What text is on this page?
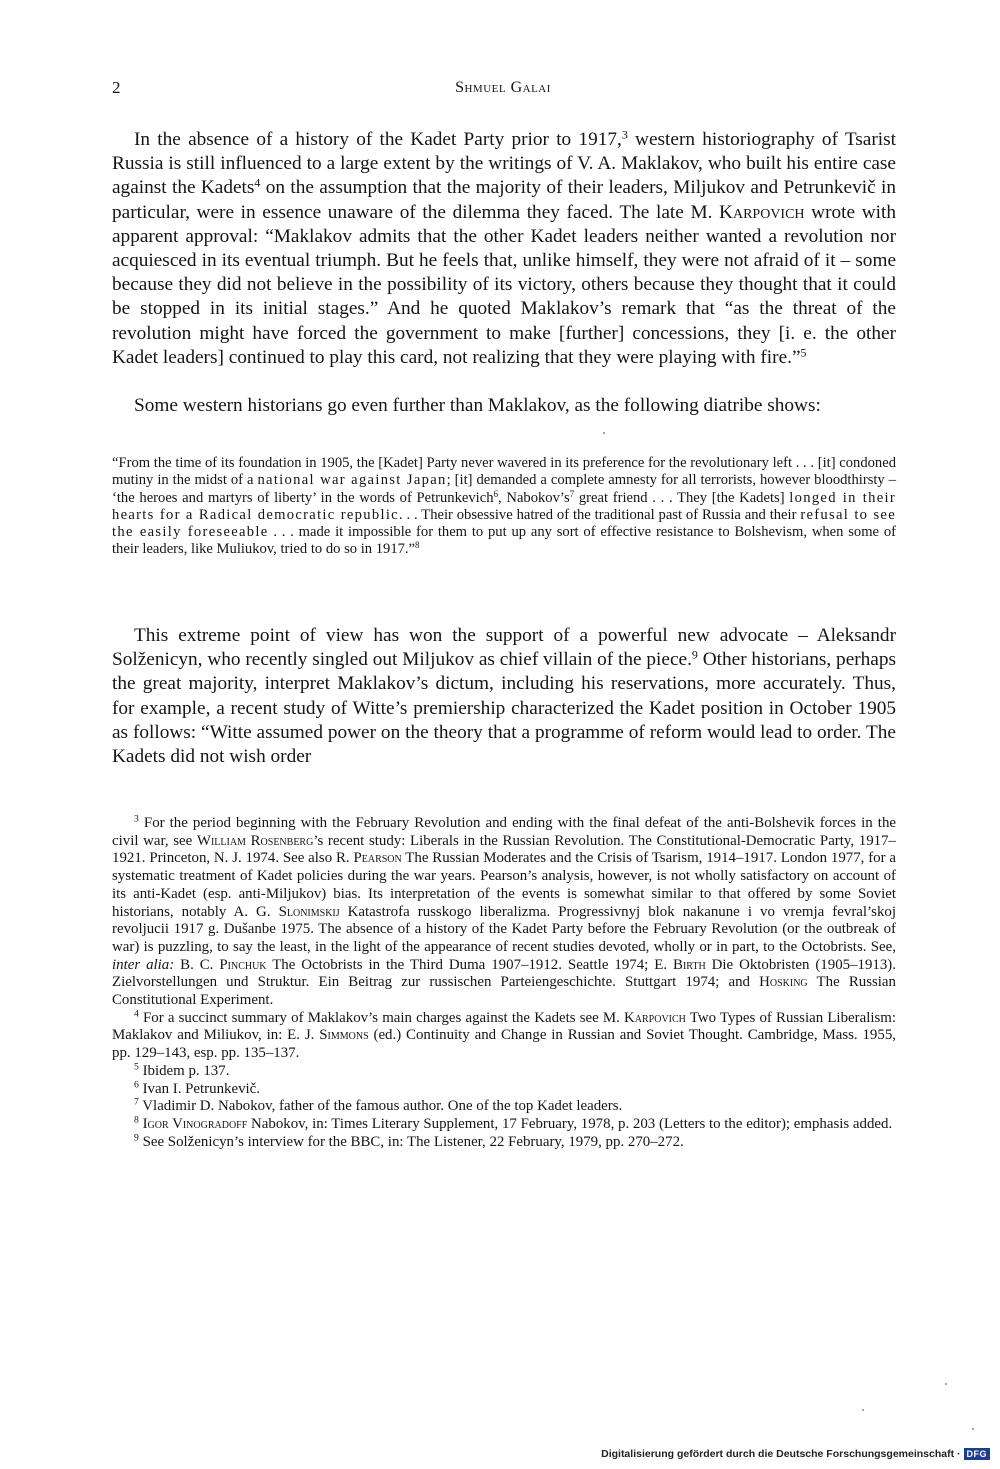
2	Shmuel Galai

In the absence of a history of the Kadet Party prior to 1917,$^3$ western historiography of Tsarist Russia is still influenced to a large extent by the writings of V. A. Maklakov, who built his entire case against the Kadets$^4$ on the assumption that the majority of their leaders, Miljukov and Petrunkevič in particular, were in essence unaware of the dilemma they faced. The late M. Karpovich wrote with apparent approval: “Maklakov admits that the other Kadet leaders neither wanted a revolution nor acquiesced in its eventual triumph. But he feels that, unlike himself, they were not afraid of it – some because they did not believe in the possibility of its victory, others because they thought that it could be stopped in its initial stages.” And he quoted Maklakov’s remark that “as the threat of the revolution might have forced the government to make [further] concessions, they [i. e. the other Kadet leaders] continued to play this card, not realizing that they were playing with fire.”$^5$

Some western historians go even further than Maklakov, as the following diatribe shows:

“From the time of its foundation in 1905, the [Kadet] Party never wavered in its preference for the revolutionary left . . . [it] condoned mutiny in the midst of a national war against Japan; [it] demanded a complete amnesty for all terrorists, however bloodthirsty – ‘the heroes and martyrs of liberty’ in the words of Petrunkevich$^6$, $Nabokov’s^7$ great friend . . . They [the Kadets] longed in their hearts for a Radical democratic republic. . . Their obsessive hatred of the traditional past of Russia and their refusal to see the easily foreseeable . . . made it impossible for them to put up any sort of effective resistance to Bolshevism, when some of their leaders, like Muliukov, tried to do so in 1917.”$^8$

This extreme point of view has won the support of a powerful new advocate – Aleksandr Solženicyn, who recently singled out Miljukov as chief villain of the piece.$^9$ Other historians, perhaps the great majority, interpret Maklakov’s dictum, including his reservations, more accurately. Thus, for example, a recent study of Witte’s premiership characterized the Kadet position in October 1905 as follows: “Witte assumed power on the theory that a programme of reform would lead to order. The Kadets did not wish order

$^3$ For the period beginning with the February Revolution and ending with the final defeat of the anti-Bolshevik forces in the civil war, see William Rosenberg’s recent study: Liberals in the Russian Revolution. The Constitutional-Democratic Party, 1917–1921. Princeton, N. J. 1974. See also R. Pearson The Russian Moderates and the Crisis of Tsarism, 1914–1917. London 1977, for a systematic treatment of Kadet policies during the war years. Pearson’s analysis, however, is not wholly satisfactory on account of its anti-Kadet (esp. anti-Miljukov) bias. Its interpretation of the events is somewhat similar to that offered by some Soviet historians, notably A. G. Slonimskij Katastrofa russkogo liberalizma. Progressivnyj blok nakanune i vo vremja fevral’skoj revoljucii 1917 g. Dušanbe 1975. The absence of a history of the Kadet Party before the February Revolution (or the outbreak of war) is puzzling, to say the least, in the light of the appearance of recent studies devoted, wholly or in part, to the Octobrists. See, inter alia: B. C. Pinchuk The Octobrists in the Third Duma 1907–1912. Seattle 1974; E. Birth Die Oktobristen (1905–1913). Zielvorstellungen und Struktur. Ein Beitrag zur russischen Parteiengeschichte. Stuttgart 1974; and Hosking The Russian Constitutional Experiment.

$^4$ For a succinct summary of Maklakov’s main charges against the Kadets see M. Karpovich Two Types of Russian Liberalism: Maklakov and Miliukov, in: E. J. Simmons (ed.) Continuity and Change in Russian and Soviet Thought. Cambridge, Mass. 1955, pp. 129–143, esp. pp. 135–137.

$^5$ Ibidem p. 137.

$^6$ Ivan I. Petrunkevič.

$^7$ Vladimir D. Nabokov, father of the famous author. One of the top Kadet leaders.

$^8$ Igor Vinogradoff Nabokov, in: Times Literary Supplement, 17 February, 1978, p. 203 (Letters to the editor); emphasis added.

$^9$ See Solženicyn’s interview for the BBC, in: The Listener, 22 February, 1979, pp. 270–272.

Digitalisierung gefördert durch die Deutsche Forschungsgemeinschaft · DFG
